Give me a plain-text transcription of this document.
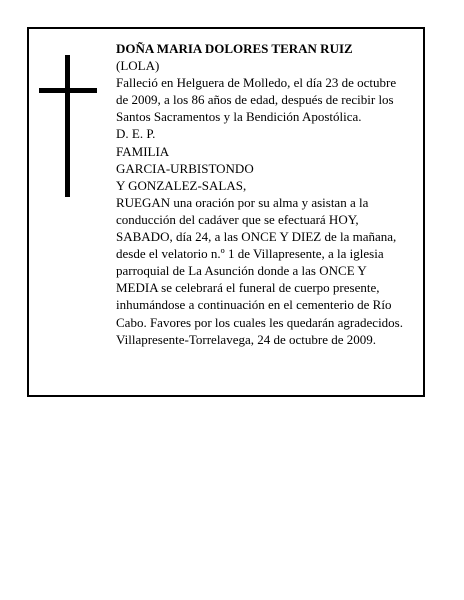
DOÑA MARIA DOLORES TERAN RUIZ
(LOLA)
Falleció en Helguera de Molledo, el día 23 de octubre
de 2009, a los 86 años de edad, después de recibir los
Santos Sacramentos y la Bendición Apostólica.
D. E. P.
FAMILIA
GARCIA-URBISTONDO
Y GONZALEZ-SALAS,
RUEGAN una oración por su alma y asistan a la
conducción del cadáver que se efectuará HOY,
SABADO, día 24, a las ONCE Y DIEZ de la mañana,
desde el velatorio n.º 1 de Villapresente, a la iglesia
parroquial de La Asunción donde a las ONCE Y
MEDIA se celebrará el funeral de cuerpo presente,
inhumándose a continuación en el cementerio de Río
Cabo. Favores por los cuales les quedarán agradecidos.
Villapresente-Torrelavega, 24 de octubre de 2009.
